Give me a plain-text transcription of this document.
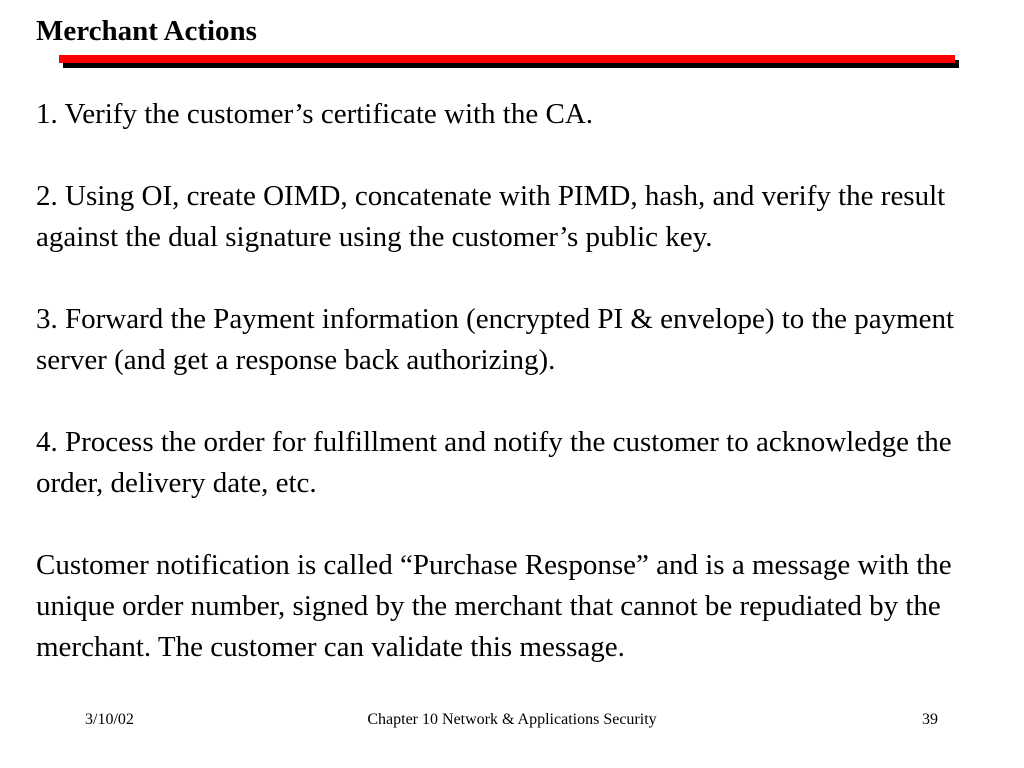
Merchant Actions

1. Verify the customer’s certificate with the CA.

2. Using OI, create OIMD, concatenate with PIMD, hash, and verify the result against the dual signature using the customer’s public key.

3. Forward the Payment information (encrypted PI & envelope) to the payment server (and get a response back authorizing).

4. Process the order for fulfillment and notify the customer to acknowledge the order, delivery date, etc.

Customer notification is called “Purchase Response” and is a message with the unique order number, signed by the merchant that cannot be repudiated by the merchant. The customer can validate this message.

3/10/02	Chapter 10 Network & Applications Security	39
